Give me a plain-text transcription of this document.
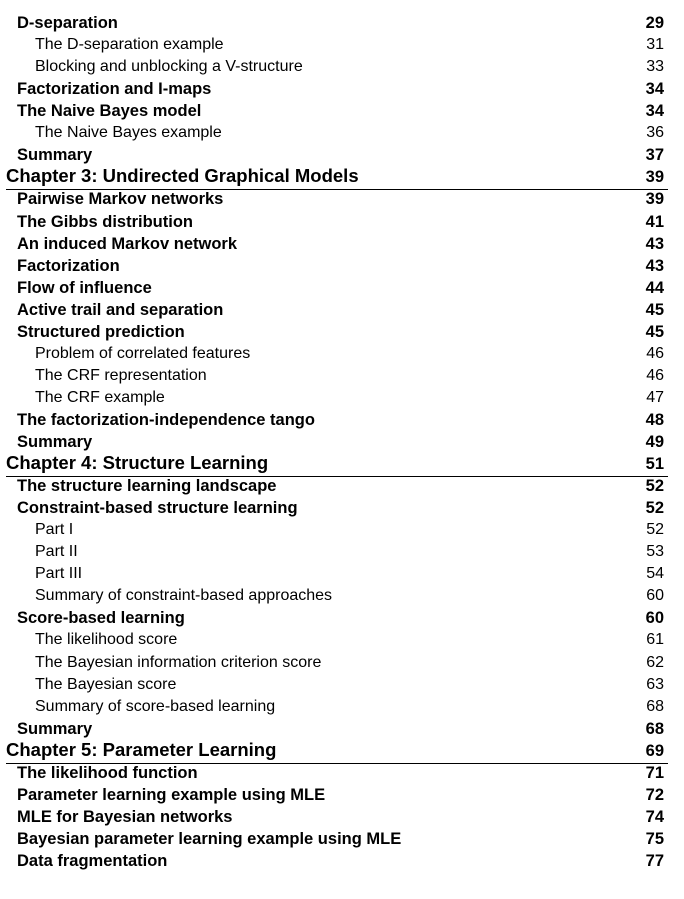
D-separation	29
The D-separation example	31
Blocking and unblocking a V-structure	33
Factorization and I-maps	34
The Naive Bayes model	34
The Naive Bayes example	36
Summary	37
Chapter 3: Undirected Graphical Models	39
Pairwise Markov networks	39
The Gibbs distribution	41
An induced Markov network	43
Factorization	43
Flow of influence	44
Active trail and separation	45
Structured prediction	45
Problem of correlated features	46
The CRF representation	46
The CRF example	47
The factorization-independence tango	48
Summary	49
Chapter 4: Structure Learning	51
The structure learning landscape	52
Constraint-based structure learning	52
Part I	52
Part II	53
Part III	54
Summary of constraint-based approaches	60
Score-based learning	60
The likelihood score	61
The Bayesian information criterion score	62
The Bayesian score	63
Summary of score-based learning	68
Summary	68
Chapter 5: Parameter Learning	69
The likelihood function	71
Parameter learning example using MLE	72
MLE for Bayesian networks	74
Bayesian parameter learning example using MLE	75
Data fragmentation	77
